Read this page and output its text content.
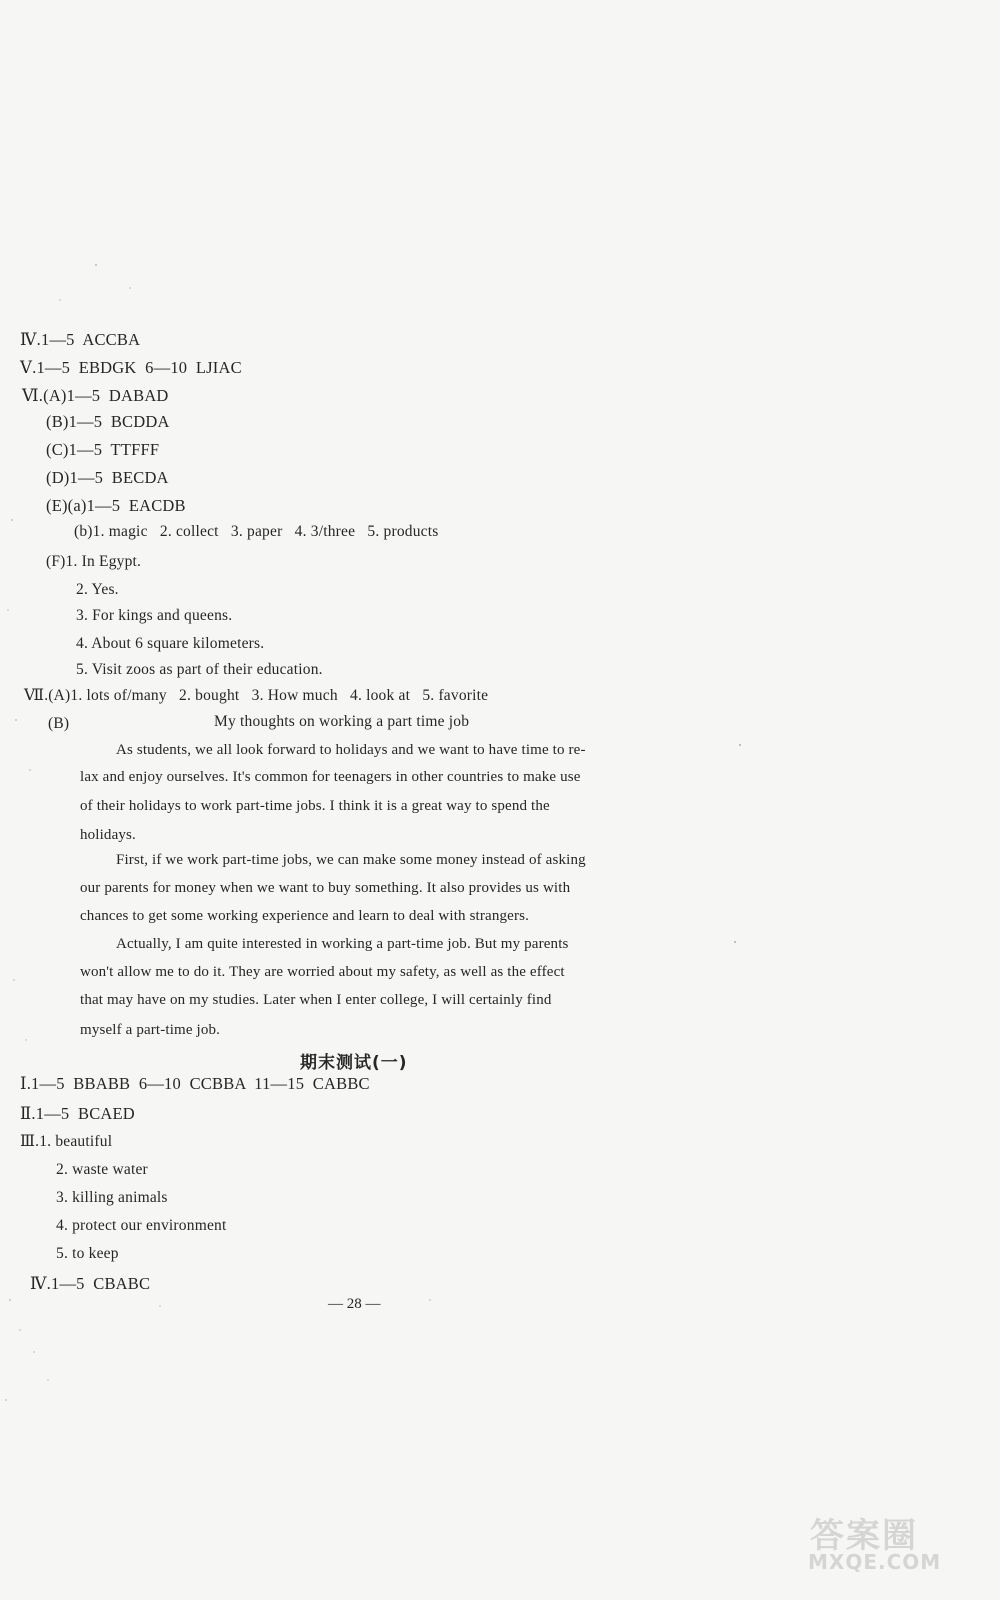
Ⅳ.1—5  ACCBA
Ⅴ.1—5  EBDGK  6—10  LJIAC
Ⅵ.(A)1—5  DABAD
(B)1—5  BCDDA
(C)1—5  TTFFF
(D)1—5  BECDA
(E)(a)1—5  EACDB
(b)1. magic   2. collect   3. paper   4. 3/three   5. products
(F)1. In Egypt.
2. Yes.
3. For kings and queens.
4. About 6 square kilometers.
5. Visit zoos as part of their education.
Ⅶ.(A)1. lots of/many   2. bought   3. How much   4. look at   5. favorite
(B)	My thoughts on working a part time job
As students, we all look forward to holidays and we want to have time to re-
lax and enjoy ourselves. It's common for teenagers in other countries to make use
of their holidays to work part-time jobs. I think it is a great way to spend the
holidays.
First, if we work part-time jobs, we can make some money instead of asking
our parents for money when we want to buy something. It also provides us with
chances to get some working experience and learn to deal with strangers.
Actually, I am quite interested in working a part-time job. But my parents
won't allow me to do it. They are worried about my safety, as well as the effect
that may have on my studies. Later when I enter college, I will certainly find
myself a part-time job.
期末测试(一)
Ⅰ.1—5  BBABB  6—10  CCBBA  11—15  CABBC
Ⅱ.1—5  BCAED
Ⅲ.1. beautiful
2. waste water
3. killing animals
4. protect our environment
5. to keep
Ⅳ.1—5  CBABC
— 28 —
答案圈
MXQE.COM
